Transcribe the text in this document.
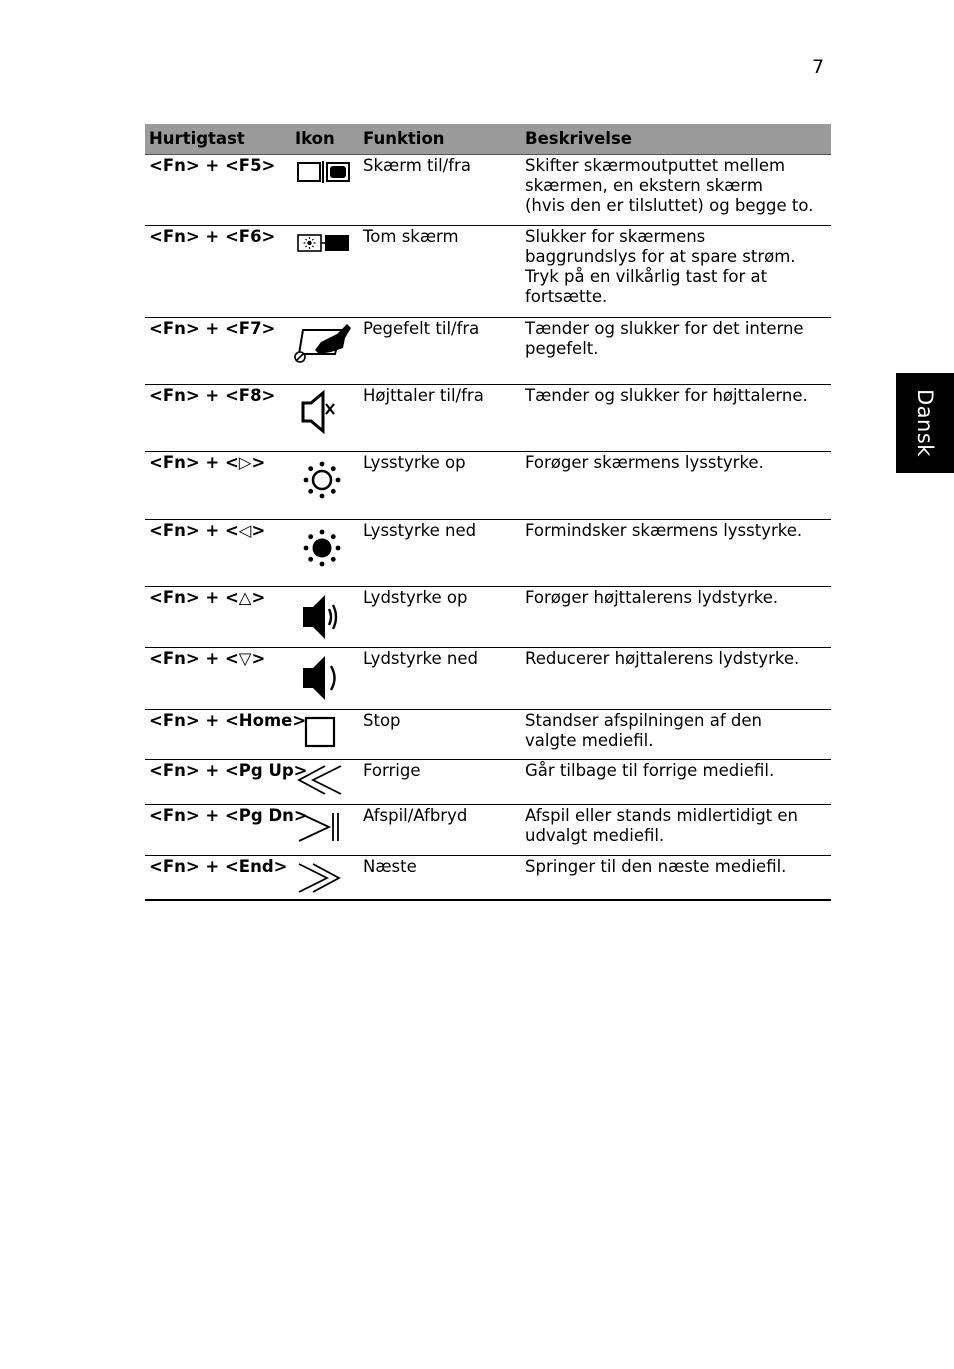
7
Dansk
Hurtigtast	Ikon	Funktion	Beskrivelse
<Fn> + <F5>		Skærm til/fra	Skifter skærmoutputtet mellem
skærmen, en ekstern skærm
(hvis den er tilsluttet) og begge to.

<Fn> + <F6>		Tom skærm	Slukker for skærmens
baggrundslys for at spare strøm.
Tryk på en vilkårlig tast for at
fortsætte.

<Fn> + <F7>		Pegefelt til/fra	Tænder og slukker for det interne
pegefelt.

<Fn> + <F8>		Højttaler til/fra	Tænder og slukker for højttalerne.

<Fn> + <▷>		Lysstyrke op	Forøger skærmens lysstyrke.

<Fn> + <◁>		Lysstyrke ned	Formindsker skærmens lysstyrke.

<Fn> + <△>		Lydstyrke op	Forøger højttalerens lydstyrke.

<Fn> + <▽>		Lydstyrke ned	Reducerer højttalerens lydstyrke.

<Fn> + <Home>		Stop	Standser afspilningen af den
valgte mediefil.

<Fn> + <Pg Up>		Forrige	Går tilbage til forrige mediefil.

<Fn> + <Pg Dn>		Afspil/Afbryd	Afspil eller stands midlertidigt en
udvalgt mediefil.

<Fn> + <End>		Næste	Springer til den næste mediefil.
